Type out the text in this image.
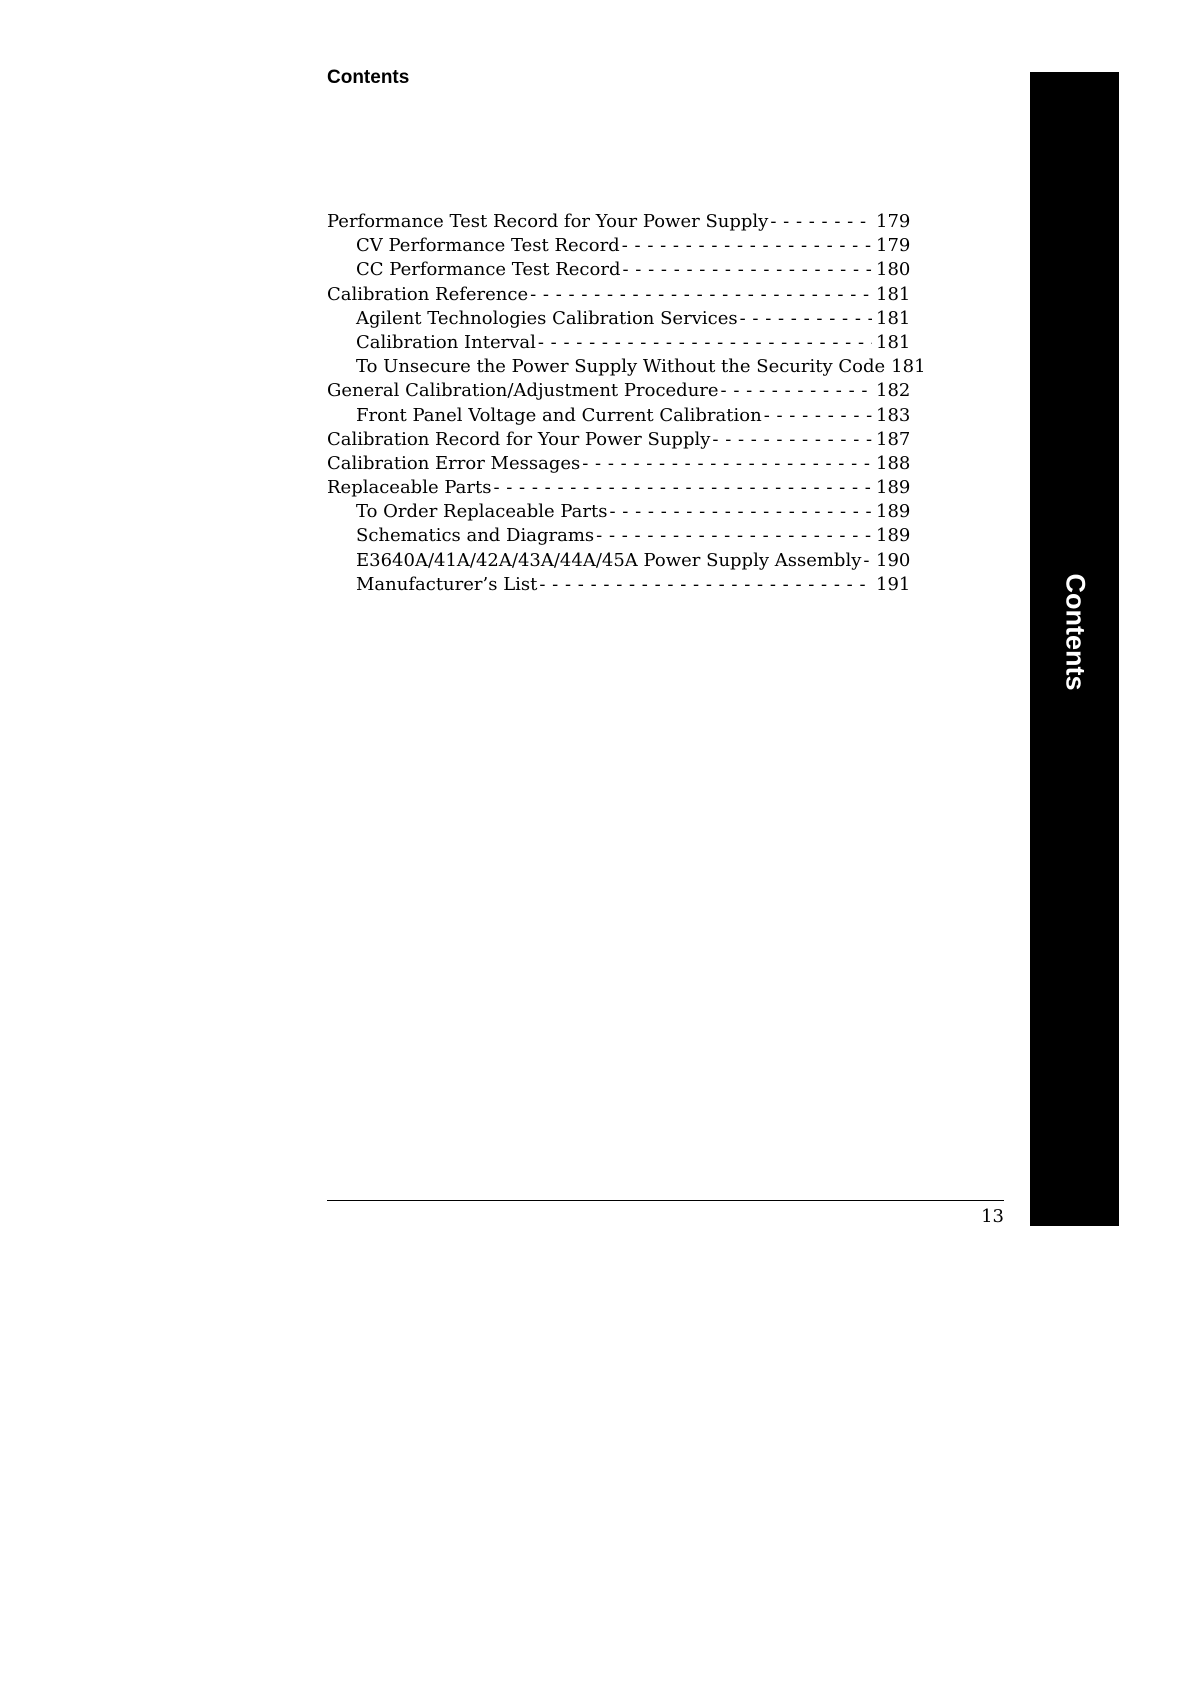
Contents
Contents
Performance Test Record for Your Power Supply - - -	179
CV Performance Test Record - - -	179
CC Performance Test Record - - -	180
Calibration Reference - - -	181
Agilent Technologies Calibration Services - - -	181
Calibration Interval - - -	181
To Unsecure the Power Supply Without the Security Code 181
General Calibration/Adjustment Procedure - - -	182
Front Panel Voltage and Current Calibration - - -	183
Calibration Record for Your Power Supply - - -	187
Calibration Error Messages - - -	188
Replaceable Parts - - -	189
To Order Replaceable Parts - - -	189
Schematics and Diagrams - - -	189
E3640A/41A/42A/43A/44A/45A Power Supply Assembly - - - 190
Manufacturer’s List - - -	191
13
